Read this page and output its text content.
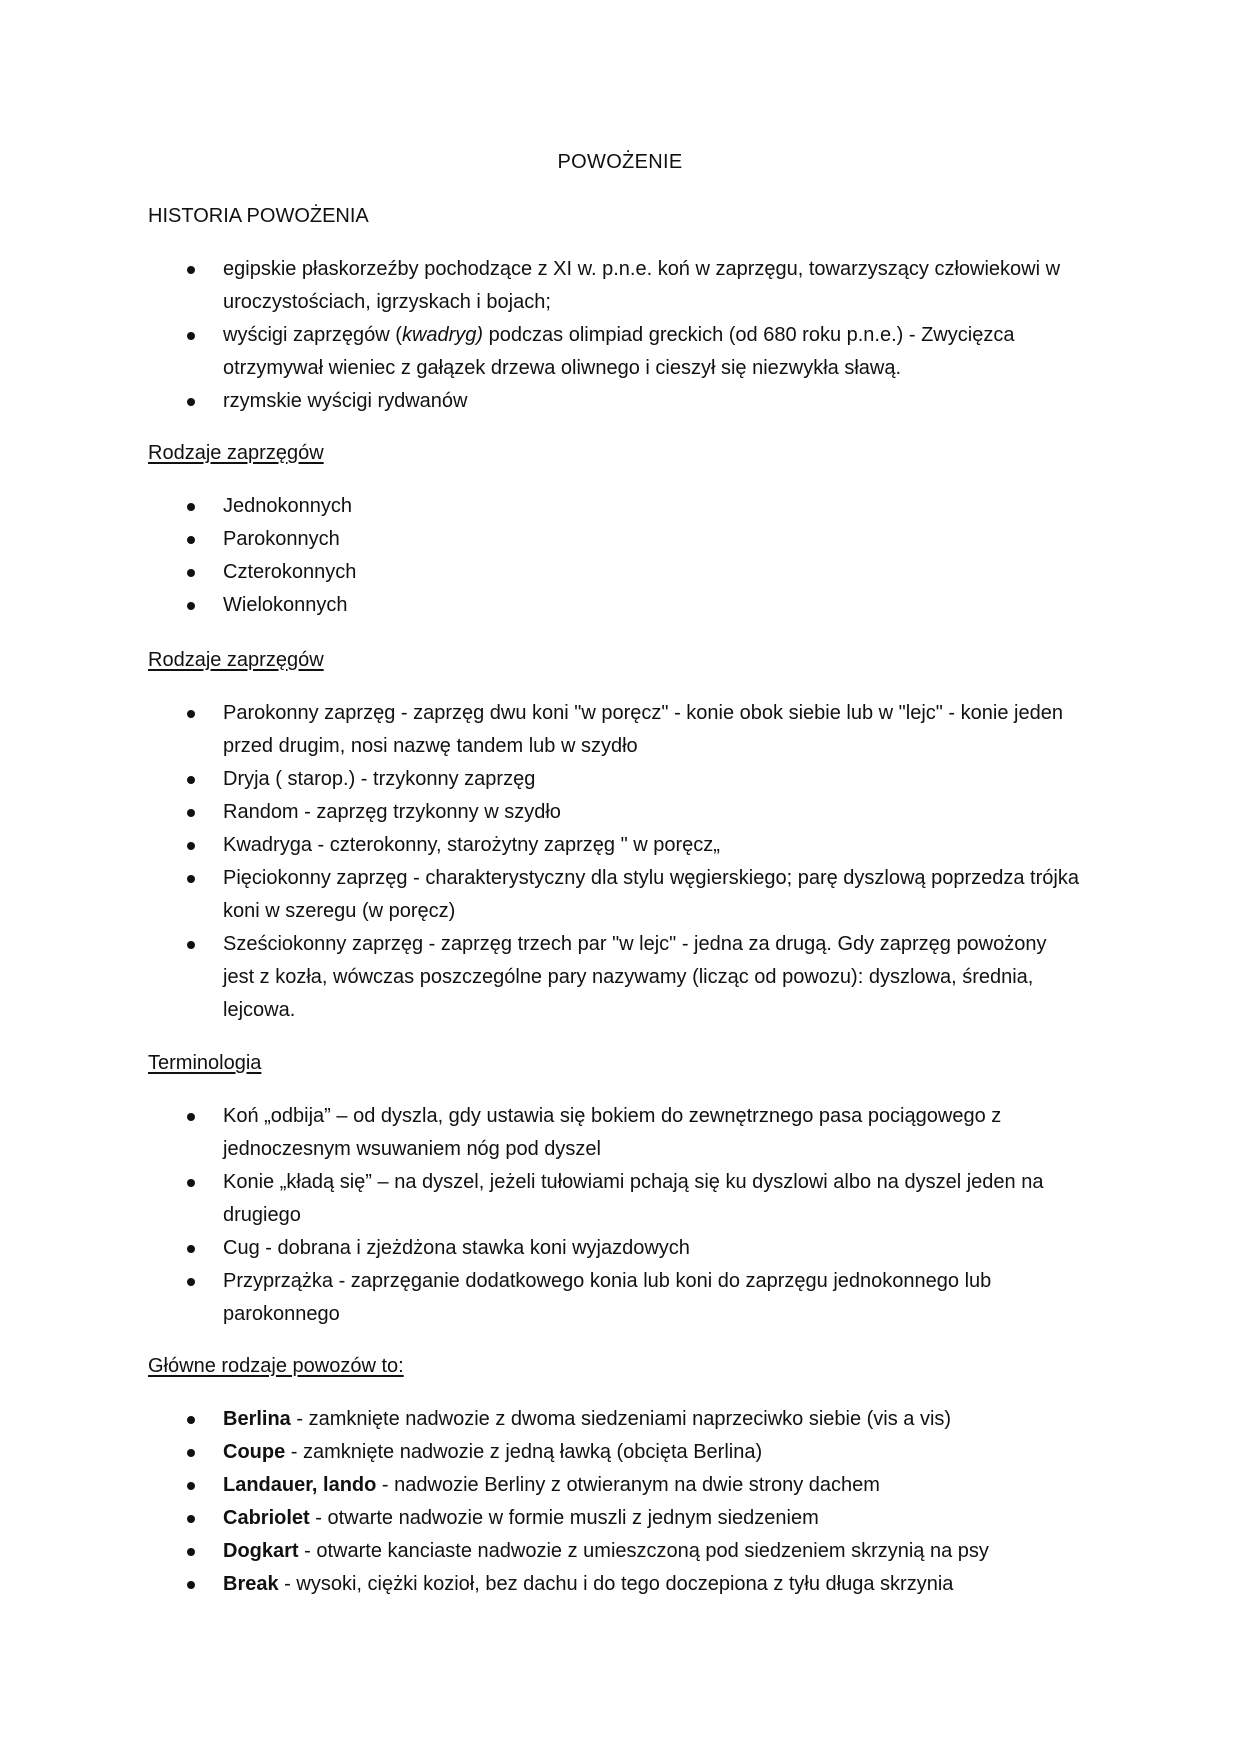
POWOŻENIE
HISTORIA POWOŻENIA
egipskie płaskorzeźby pochodzące z XI w. p.n.e. koń w zaprzęgu, towarzyszący człowiekowi w uroczystościach, igrzyskach i bojach;
wyścigi zaprzęgów (kwadryg) podczas olimpiad greckich (od 680 roku p.n.e.) - Zwycięzca otrzymywał wieniec z gałązek drzewa oliwnego i cieszył się niezwykła sławą.
rzymskie wyścigi rydwanów
Rodzaje zaprzęgów
Jednokonnych
Parokonnych
Czterokonnych
Wielokonnych
Rodzaje zaprzęgów
Parokonny zaprzęg - zaprzęg dwu koni "w poręcz" - konie obok siebie lub w "lejc" - konie jeden przed drugim, nosi nazwę tandem lub w szydło
Dryja ( starop.) - trzykonny zaprzęg
Random - zaprzęg trzykonny w szydło
Kwadryga - czterokonny, starożytny zaprzęg " w poręcz„
Pięciokonny zaprzęg - charakterystyczny dla stylu węgierskiego; parę dyszlową poprzedza trójka koni w szeregu (w poręcz)
Sześciokonny zaprzęg - zaprzęg trzech par "w lejc" - jedna za drugą. Gdy zaprzęg powożony jest z kozła, wówczas poszczególne pary nazywamy (licząc od powozu): dyszlowa, średnia, lejcowa.
Terminologia
Koń „odbija” – od dyszla, gdy ustawia się bokiem do zewnętrznego pasa pociągowego z jednoczesnym wsuwaniem nóg pod dyszel
Konie „kładą się” – na dyszel, jeżeli tułowiami pchają się ku dyszlowi albo na dyszel jeden na drugiego
Cug - dobrana i zjeżdżona stawka koni wyjazdowych
Przyprzążka - zaprzęganie dodatkowego konia lub koni do zaprzęgu jednokonnego lub parokonnego
Główne rodzaje powozów to:
Berlina - zamknięte nadwozie z dwoma siedzeniami naprzeciwko siebie (vis a vis)
Coupe - zamknięte nadwozie z jedną ławką (obcięta Berlina)
Landauer, lando - nadwozie Berliny z otwieranym na dwie strony dachem
Cabriolet - otwarte nadwozie w formie muszli z jednym siedzeniem
Dogkart - otwarte kanciaste nadwozie z umieszczoną pod siedzeniem skrzynią na psy
Break - wysoki, ciężki kozioł, bez dachu i do tego doczepiona z tyłu długa skrzynia
